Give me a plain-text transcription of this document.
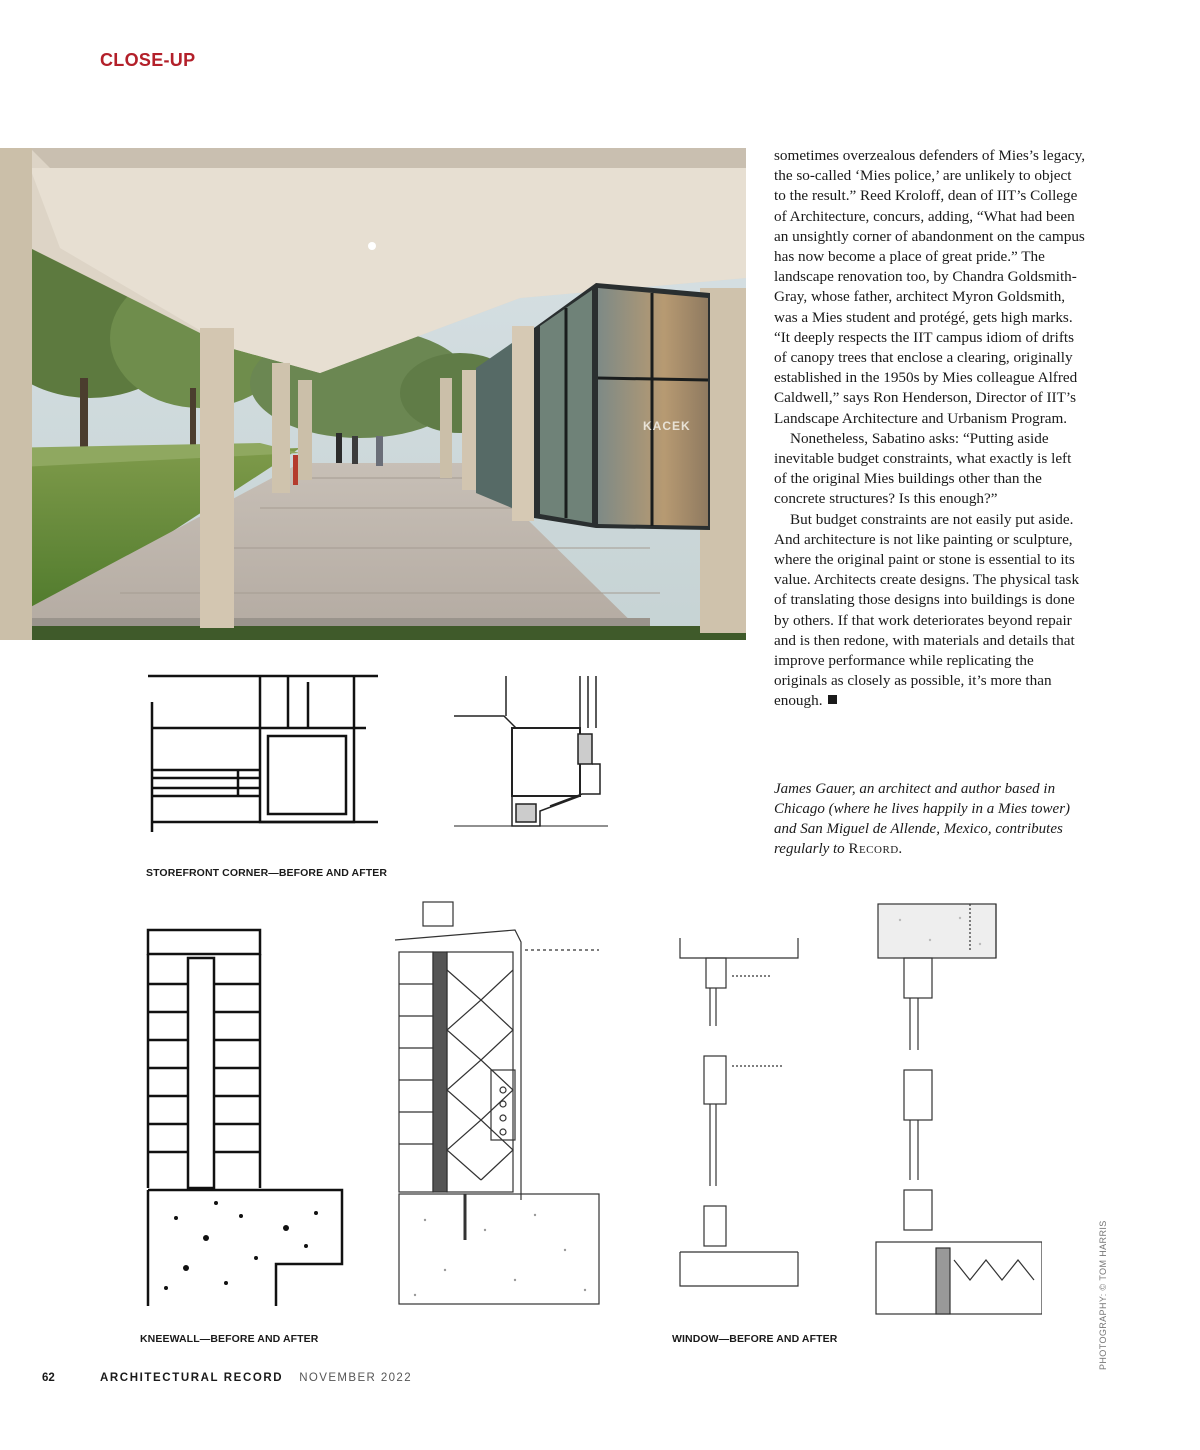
CLOSE-UP
KACEK

sometimes overzealous defenders of Mies’s legacy, the so-called ‘Mies police,’ are unlikely to object to the result.” Reed Kroloff, dean of IIT’s College of Architecture, concurs, adding, “What had been an unsightly corner of abandonment on the campus has now become a place of great pride.” The landscape renovation too, by Chandra Goldsmith-Gray, whose father, architect Myron Goldsmith, was a Mies student and protégé, gets high marks. “It deeply respects the IIT campus idiom of drifts of canopy trees that enclose a clearing, originally established in the 1950s by Mies colleague Alfred Caldwell,” says Ron Henderson, Director of IIT’s Landscape Architecture and Urbanism Program.

Nonetheless, Sabatino asks: “Putting aside inevitable budget constraints, what exactly is left of the original Mies buildings other than the concrete structures? Is this enough?”

But budget constraints are not easily put aside. And architecture is not like painting or sculpture, where the original paint or stone is essential to its value. Architects create designs. The physical task of translating those designs into buildings is done by others. If that work deteriorates beyond repair and is then redone, with materials and details that improve performance while replicating the originals as closely as possible, it’s more than enough.

James Gauer, an architect and author based in Chicago (where he lives happily in a Mies tower) and San Miguel de Allende, Mexico, contributes regularly to Record.

STOREFRONT CORNER—BEFORE AND AFTER
KNEEWALL—BEFORE AND AFTER	WINDOW—BEFORE AND AFTER	PHOTOGRAPHY: © TOM HARRIS
62	ARCHITECTURAL RECORD NOVEMBER 2022
